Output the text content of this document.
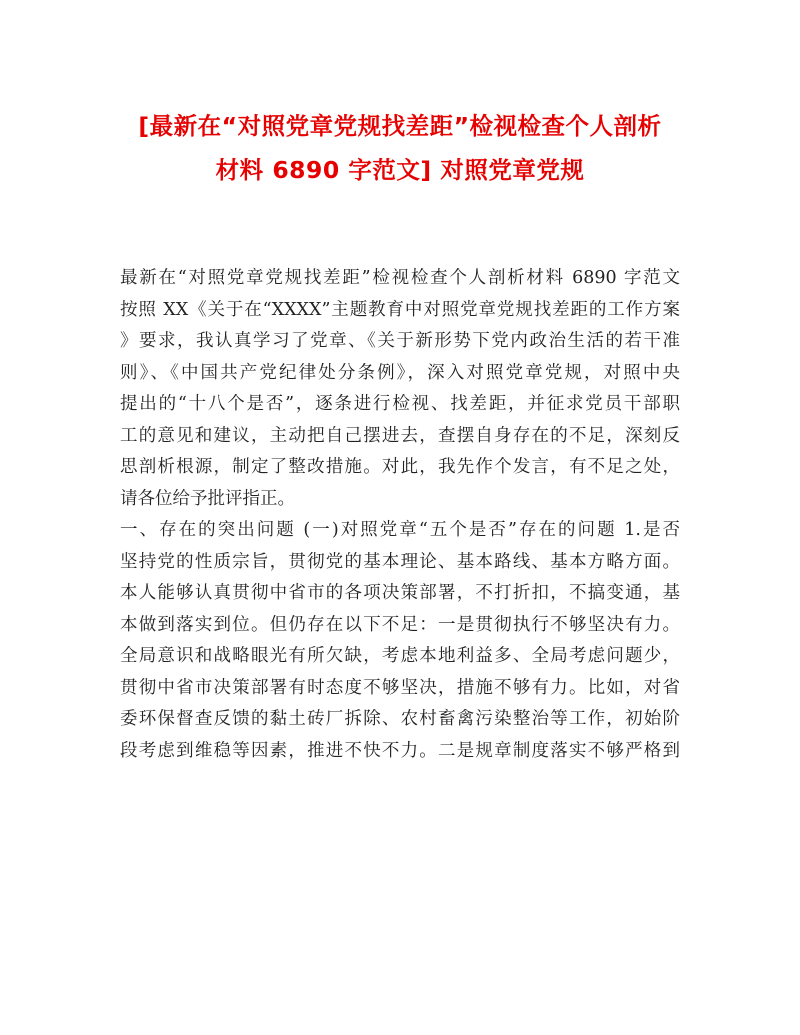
[最新在“对照党章党规找差距”检视检查个人剖析
材料 6890 字范文] 对照党章党规
最新在“对照党章党规找差距”检视检查个人剖析材料 6890 字范文
按照 XX《关于在“XXXX”主题教育中对照党章党规找差距的工作方案
》要求，我认真学习了党章、《关于新形势下党内政治生活的若干准
则》、《中国共产党纪律处分条例》，深入对照党章党规，对照中央
提出的“十八个是否”，逐条进行检视、找差距，并征求党员干部职
工的意见和建议，主动把自己摆进去，查摆自身存在的不足，深刻反
思剖析根源，制定了整改措施。对此，我先作个发言，有不足之处，
请各位给予批评指正。
一、存在的突出问题 (一)对照党章“五个是否”存在的问题 1.是否
坚持党的性质宗旨，贯彻党的基本理论、基本路线、基本方略方面。
本人能够认真贯彻中省市的各项决策部署，不打折扣，不搞变通，基
本做到落实到位。但仍存在以下不足：一是贯彻执行不够坚决有力。
全局意识和战略眼光有所欠缺，考虑本地利益多、全局考虑问题少，
贯彻中省市决策部署有时态度不够坚决，措施不够有力。比如，对省
委环保督查反馈的黏土砖厂拆除、农村畜禽污染整治等工作，初始阶
段考虑到维稳等因素，推进不快不力。二是规章制度落实不够严格到
